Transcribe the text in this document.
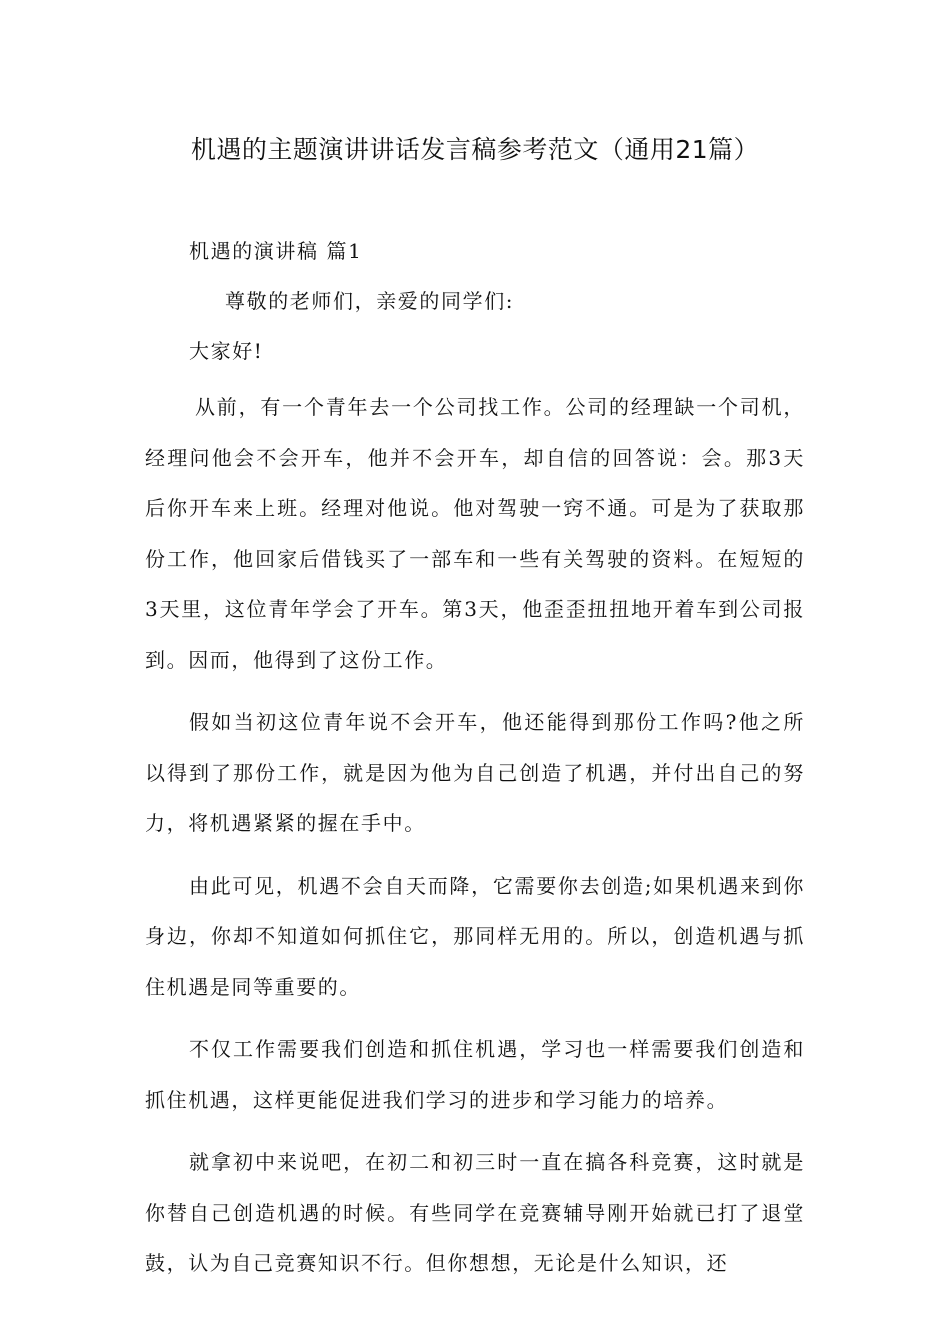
机遇的主题演讲讲话发言稿参考范文（通用21篇）

机遇的演讲稿 篇1

尊敬的老师们，亲爱的同学们:

大家好!

从前，有一个青年去一个公司找工作。公司的经理缺一个司机，经理问他会不会开车，他并不会开车，却自信的回答说：会。那3天后你开车来上班。经理对他说。他对驾驶一窍不通。可是为了获取那份工作，他回家后借钱买了一部车和一些有关驾驶的资料。在短短的3天里，这位青年学会了开车。第3天，他歪歪扭扭地开着车到公司报到。因而，他得到了这份工作。

假如当初这位青年说不会开车，他还能得到那份工作吗?他之所以得到了那份工作，就是因为他为自己创造了机遇，并付出自己的努力，将机遇紧紧的握在手中。

由此可见，机遇不会自天而降，它需要你去创造;如果机遇来到你身边，你却不知道如何抓住它，那同样无用的。所以，创造机遇与抓住机遇是同等重要的。

不仅工作需要我们创造和抓住机遇，学习也一样需要我们创造和抓住机遇，这样更能促进我们学习的进步和学习能力的培养。

就拿初中来说吧，在初二和初三时一直在搞各科竞赛，这时就是你替自己创造机遇的时候。有些同学在竞赛辅导刚开始就已打了退堂鼓，认为自己竞赛知识不行。但你想想，无论是什么知识，还
